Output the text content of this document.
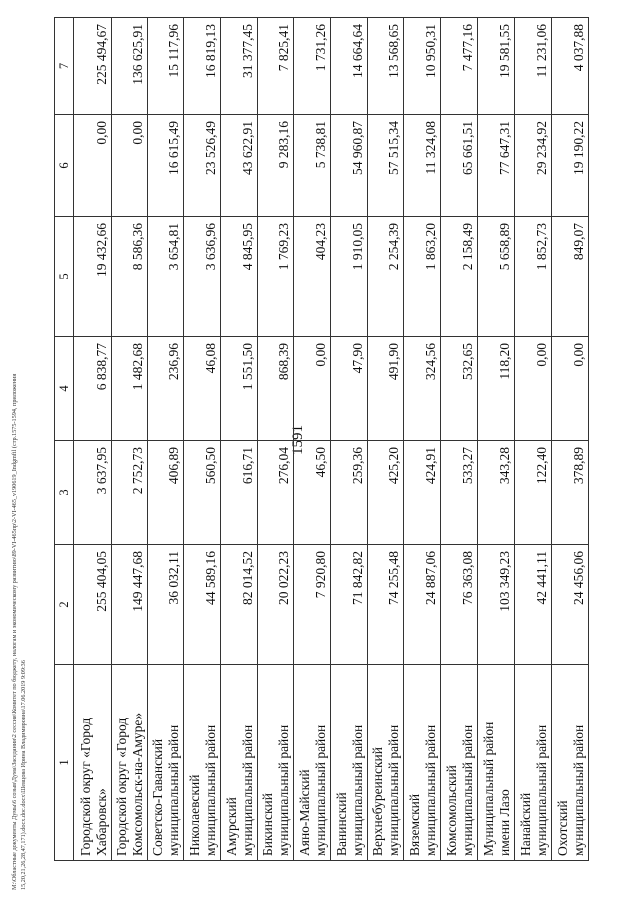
1591
1	2	3	4	5	6	7

Городской округ «Город Хабаровск»	255 404,05	3 637,95	6 838,77	19 432,66	0,00	225 494,67

Городской округ «Город Комсомольск-на-Амуре»	149 447,68	2 752,73	1 482,68	8 586,36	0,00	136 625,91

Советско-Гаванский муниципальный район	36 032,11	406,89	236,96	3 654,81	16 615,49	15 117,96

Николаевский муниципальный район	44 589,16	560,50	46,08	3 636,96	23 526,49	16 819,13

Амурский муниципальный район	82 014,52	616,71	1 551,50	4 845,95	43 622,91	31 377,45

Бикинский муниципальный район	20 022,23	276,04	868,39	1 769,23	9 283,16	7 825,41

Аяно-Майский муниципальный район	7 920,80	46,50	0,00	404,23	5 738,81	1 731,26

Ванинский муниципальный район	71 842,82	259,36	47,90	1 910,05	54 960,87	14 664,64

Верхнебуреинский муниципальный район	74 255,48	425,20	491,90	2 254,39	57 515,34	13 568,65

Вяземский муниципальный район	24 887,06	424,91	324,56	1 863,20	11 324,08	10 950,31

Комсомольский муниципальный район	76 363,08	533,27	532,65	2 158,49	65 661,51	7 477,16

Муниципальный район имени Лазо	103 349,23	343,28	118,20	5 658,89	77 647,31	19 581,55

Нанайский муниципальный район	42 441,11	122,40	0,00	1 852,73	29 234,92	11 231,06

Охотский муниципальный район	24 456,06	378,89	0,00	849,07	19 190,22	4 037,88
M:\Областные документы Думы\6 созыв\Дума\Заседания\2 сессия\Комитет по бюджету, налогам и экономическому развитию\89-VI-465пр\2-VI-465_v190619_Indgmfil (стр.1575-1594, приложения 15,20,21,26,28,47,171).docx.doc.docx\Шевцова Ирина Владимировна\17.06.2019 9:09:36
